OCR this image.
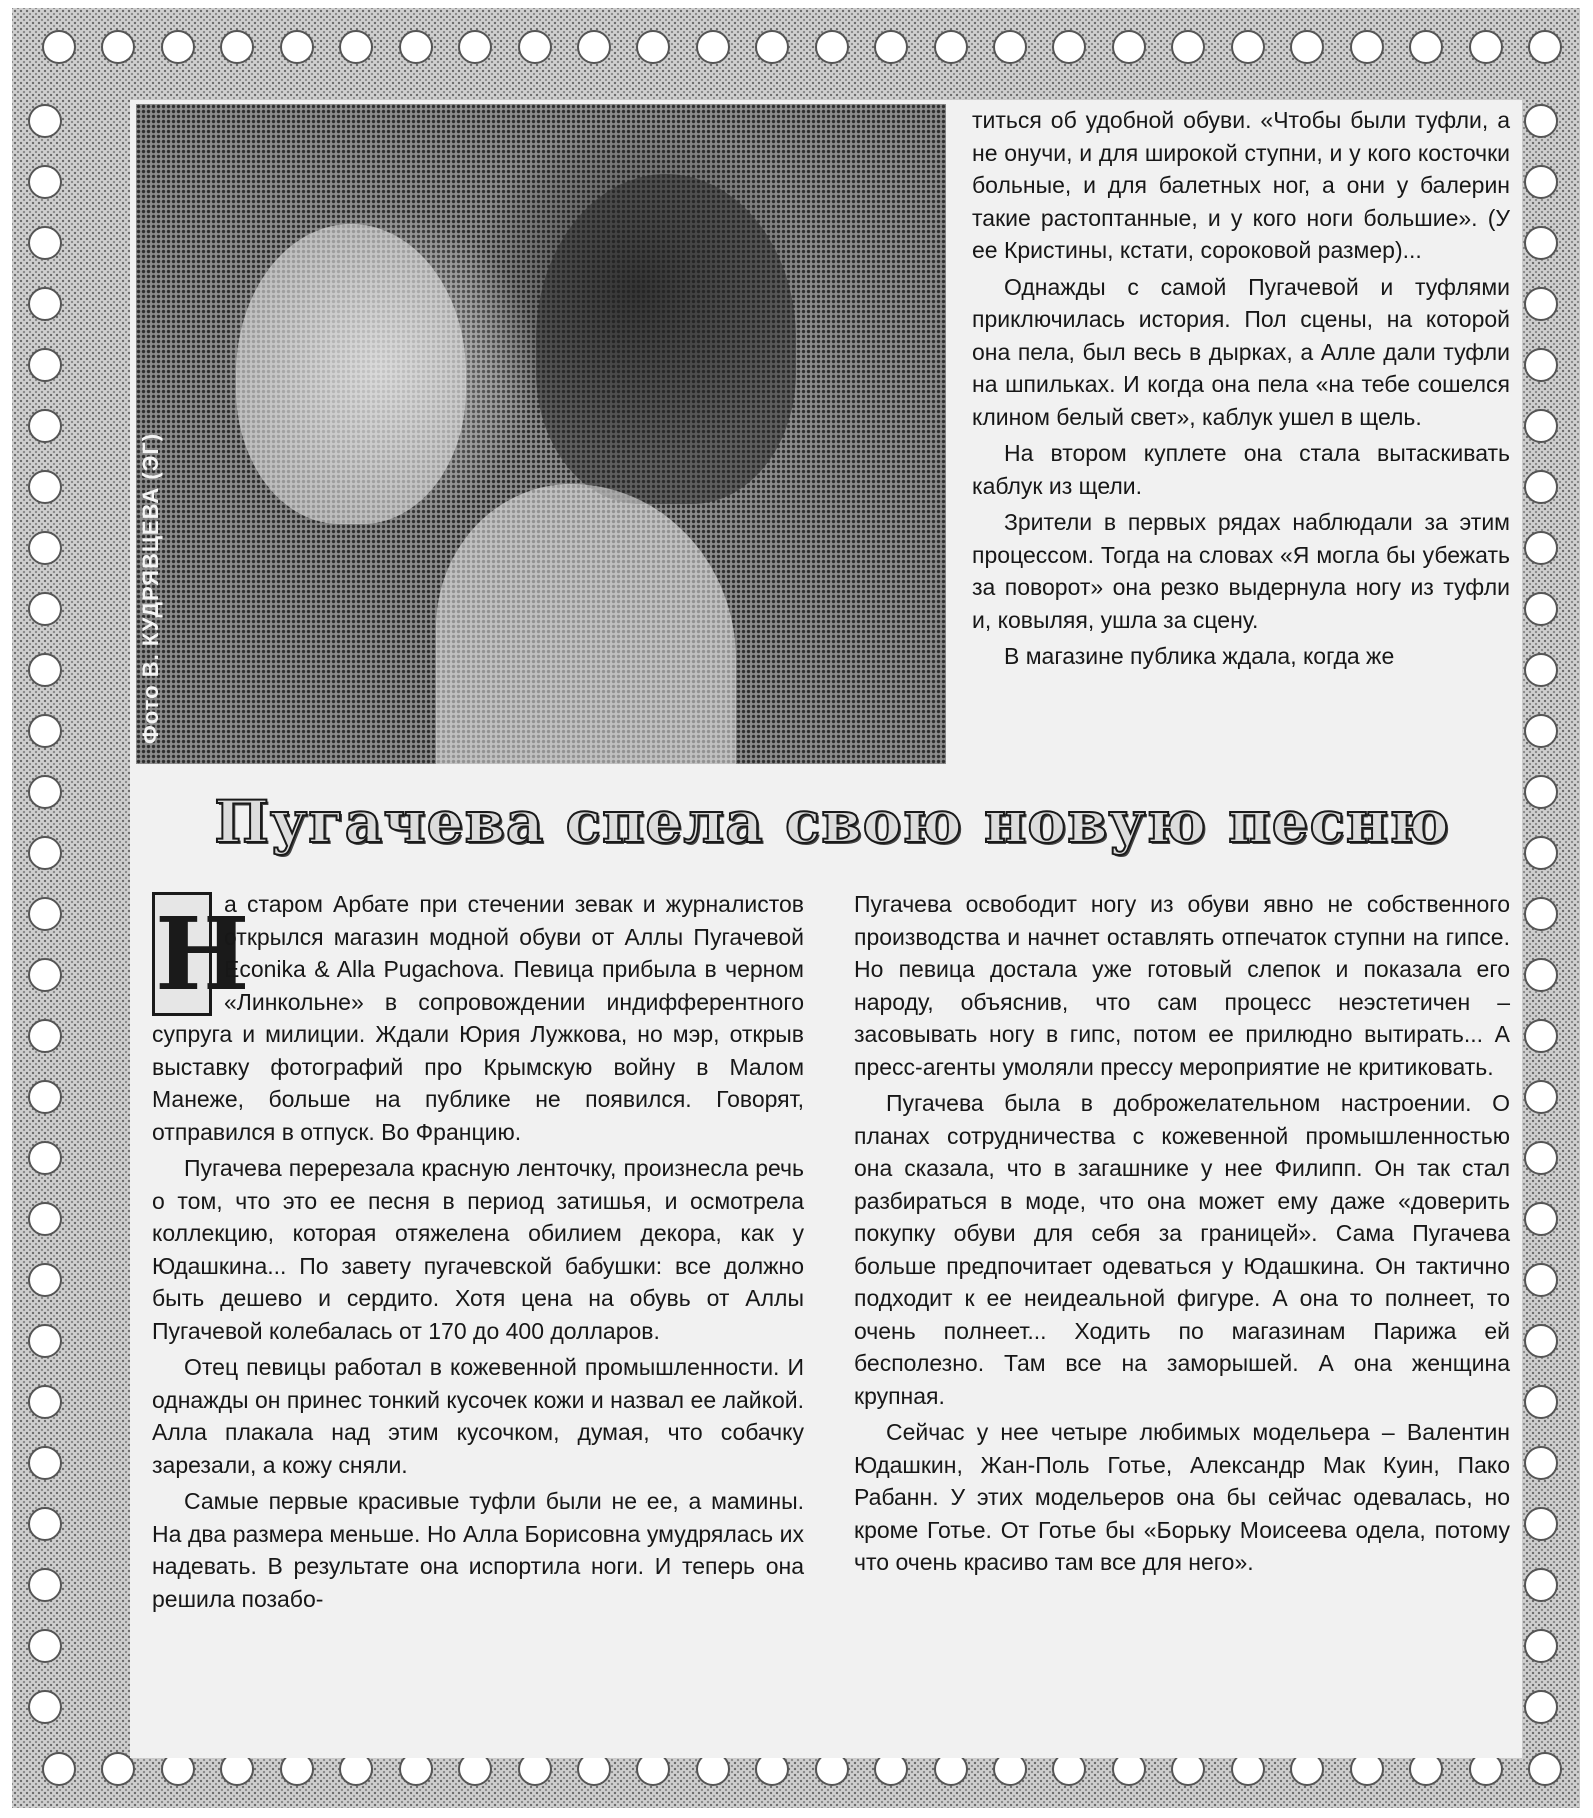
Фото В. КУДРЯВЦЕВА (ЭГ)

титься об удобной обуви. «Чтобы были туфли, а не онучи, и для широкой ступни, и у кого косточки больные, и для балетных ног, а они у балерин такие растоптанные, и у кого ноги большие». (У ее Кристины, кстати, сороковой размер)...

Однажды с самой Пугачевой и туфлями приключилась история. Пол сцены, на которой она пела, был весь в дырках, а Алле дали туфли на шпильках. И когда она пела «на тебе сошелся клином белый свет», каблук ушел в щель.

На втором куплете она стала вытаскивать каблук из щели.

Зрители в первых рядах наблюдали за этим процессом. Тогда на словах «Я могла бы убежать за поворот» она резко выдернула ногу из туфли и, ковыляя, ушла за сцену.

В магазине публика ждала, когда же

Пугачева спела свою новую песню

Н
а старом Арбате при стечении зевак и журналистов открылся магазин модной обуви от Аллы Пугачевой Econika & Alla Pugachova. Певица прибыла в черном «Линкольне» в сопровождении индифферентного супруга и милиции. Ждали Юрия Лужкова, но мэр, открыв выставку фотографий про Крымскую войну в Малом Манеже, больше на публике не появился. Говорят, отправился в отпуск. Во Францию.

Пугачева перерезала красную ленточку, произнесла речь о том, что это ее песня в период затишья, и осмотрела коллекцию, которая отяжелена обилием декора, как у Юдашкина... По завету пугачевской бабушки: все должно быть дешево и сердито. Хотя цена на обувь от Аллы Пугачевой колебалась от 170 до 400 долларов.

Отец певицы работал в кожевенной промышленности. И однажды он принес тонкий кусочек кожи и назвал ее лайкой. Алла плакала над этим кусочком, думая, что собачку зарезали, а кожу сняли.

Самые первые красивые туфли были не ее, а мамины. На два размера меньше. Но Алла Борисовна умудрялась их надевать. В результате она испортила ноги. И теперь она решила позабо-

Пугачева освободит ногу из обуви явно не собственного производства и начнет оставлять отпечаток ступни на гипсе. Но певица достала уже готовый слепок и показала его народу, объяснив, что сам процесс неэстетичен – засовывать ногу в гипс, потом ее прилюдно вытирать... А пресс-агенты умоляли прессу мероприятие не критиковать.

Пугачева была в доброжелательном настроении. О планах сотрудничества с кожевенной промышленностью она сказала, что в загашнике у нее Филипп. Он так стал разбираться в моде, что она может ему даже «доверить покупку обуви для себя за границей». Сама Пугачева больше предпочитает одеваться у Юдашкина. Он тактично подходит к ее неидеальной фигуре. А она то полнеет, то очень полнеет... Ходить по магазинам Парижа ей бесполезно. Там все на заморышей. А она женщина крупная.

Сейчас у нее четыре любимых модельера – Валентин Юдашкин, Жан-Поль Готье, Александр Мак Куин, Пако Рабанн. У этих модельеров она бы сейчас одевалась, но кроме Готье. От Готье бы «Борьку Моисеева одела, потому что очень красиво там все для него».
